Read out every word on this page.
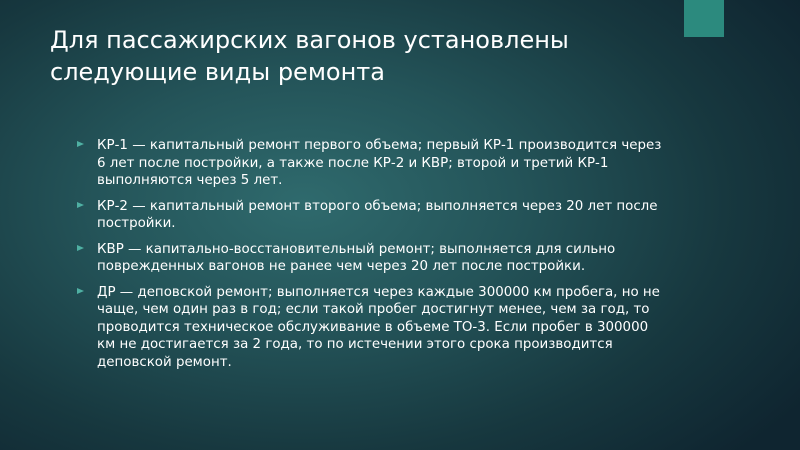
Для пассажирских вагонов установлены следующие виды ремонта
КР-1 — капитальный ремонт первого объема; первый КР-1 производится через 6 лет после постройки, а также после КР-2 и КВР; второй и третий КР-1 выполняются через 5 лет.
КР-2 — капитальный ремонт второго объема; выполняется через 20 лет после постройки.
КВР — капитально-восстановительный ремонт; выполняется для сильно поврежденных вагонов не ранее чем через 20 лет после постройки.
ДР — деповской ремонт; выполняется через каждые 300000 км пробега, но не чаще, чем один раз в год; если такой пробег достигнут менее, чем за год, то проводится техническое обслуживание в объеме ТО-3. Если пробег в 300000 км не достигается за 2 года, то по истечении этого срока производится деповской ремонт.
